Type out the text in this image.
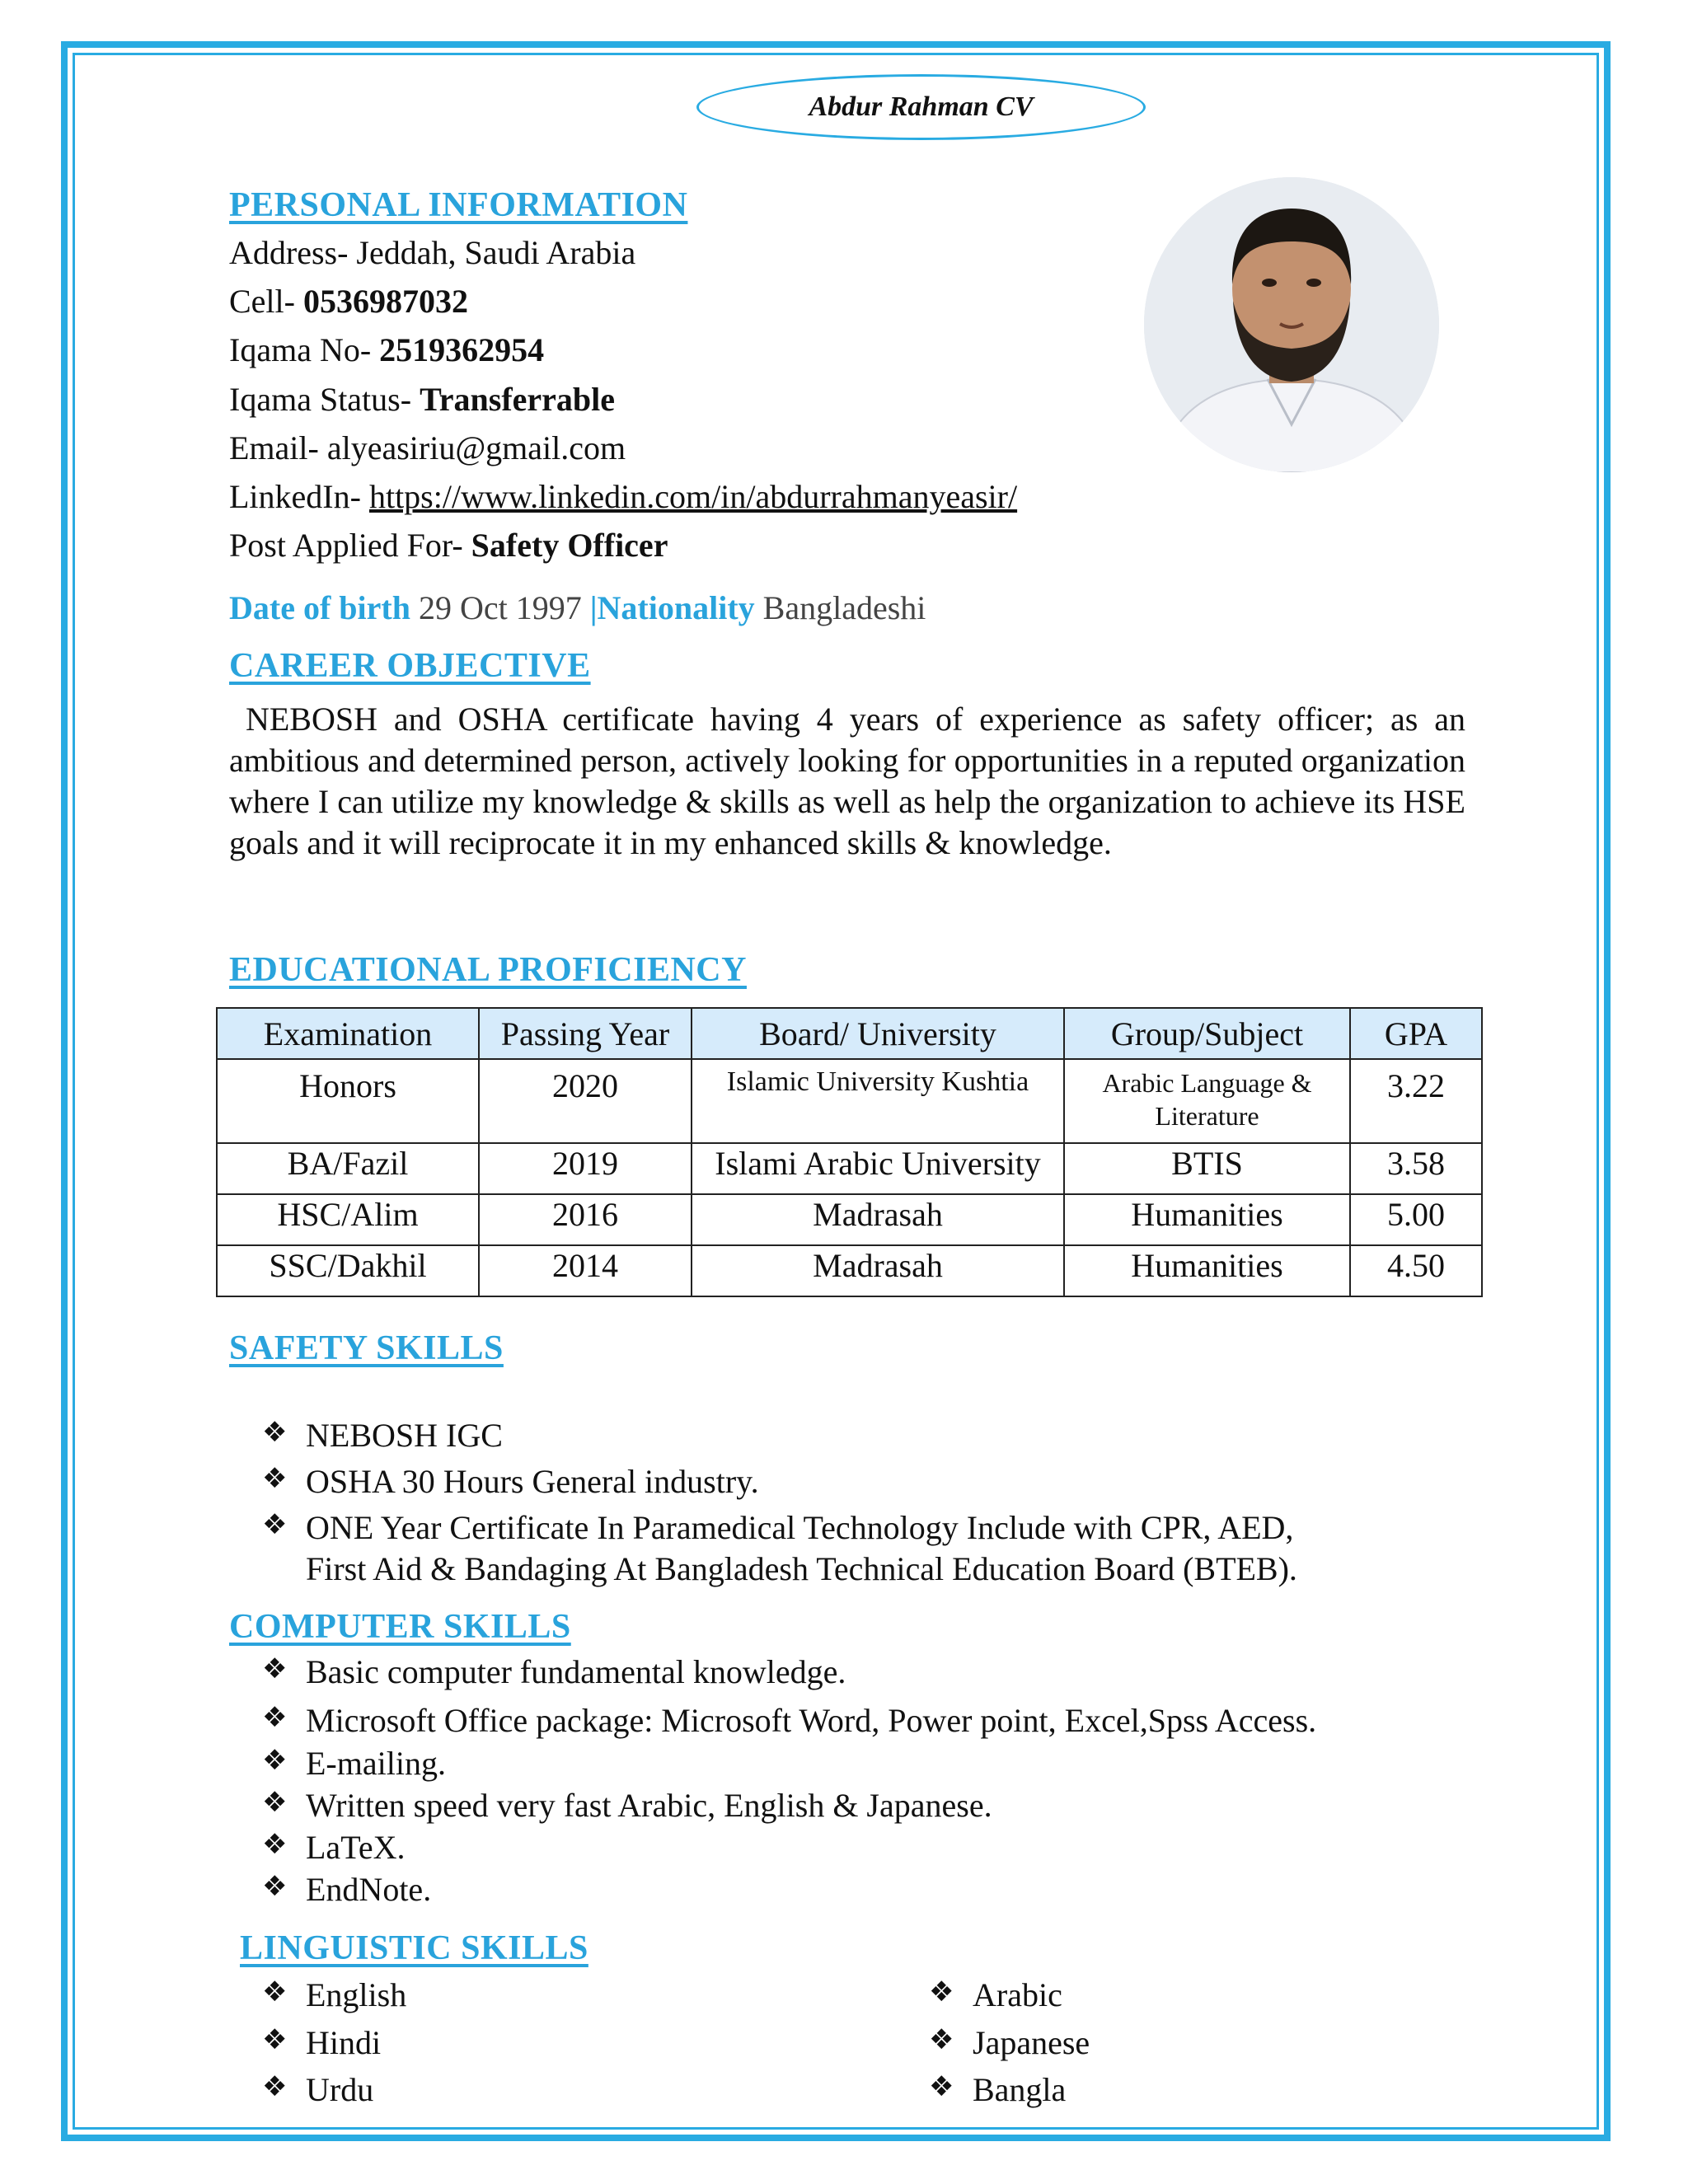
Abdur Rahman CV
PERSONAL INFORMATION
Address- Jeddah, Saudi Arabia
Cell- 0536987032
Iqama No- 2519362954
Iqama Status- Transferrable
Email- alyeasiriu@gmail.com
LinkedIn- https://www.linkedin.com/in/abdurrahmanyeasir/
Post Applied For- Safety Officer
Date of birth 29 Oct 1997 |Nationality Bangladeshi
CAREER OBJECTIVE
NEBOSH and OSHA certificate having 4 years of experience as safety officer; as an ambitious and determined person, actively looking for opportunities in a reputed organization where I can utilize my knowledge & skills as well as help the organization to achieve its HSE goals and it will reciprocate it in my enhanced skills & knowledge.
EDUCATIONAL PROFICIENCY
Examination	Passing Year	Board/ University	Group/Subject	GPA
Honors	2020	Islamic University Kushtia	Arabic Language & Literature	3.22
BA/Fazil	2019	Islami Arabic University	BTIS	3.58
HSC/Alim	2016	Madrasah	Humanities	5.00
SSC/Dakhil	2014	Madrasah	Humanities	4.50
SAFETY SKILLS
❖ NEBOSH IGC
❖ OSHA 30 Hours General industry.
❖ ONE Year Certificate In Paramedical Technology Include with CPR, AED,
First Aid & Bandaging At Bangladesh Technical Education Board (BTEB).
COMPUTER SKILLS
❖ Basic computer fundamental knowledge.
❖ Microsoft Office package: Microsoft Word, Power point, Excel,Spss Access.
❖ E-mailing.
❖ Written speed very fast Arabic, English & Japanese.
❖ LaTeX.
❖ EndNote.
LINGUISTIC SKILLS
❖ English
❖ Hindi
❖ Urdu
❖ Arabic
❖ Japanese
❖ Bangla
